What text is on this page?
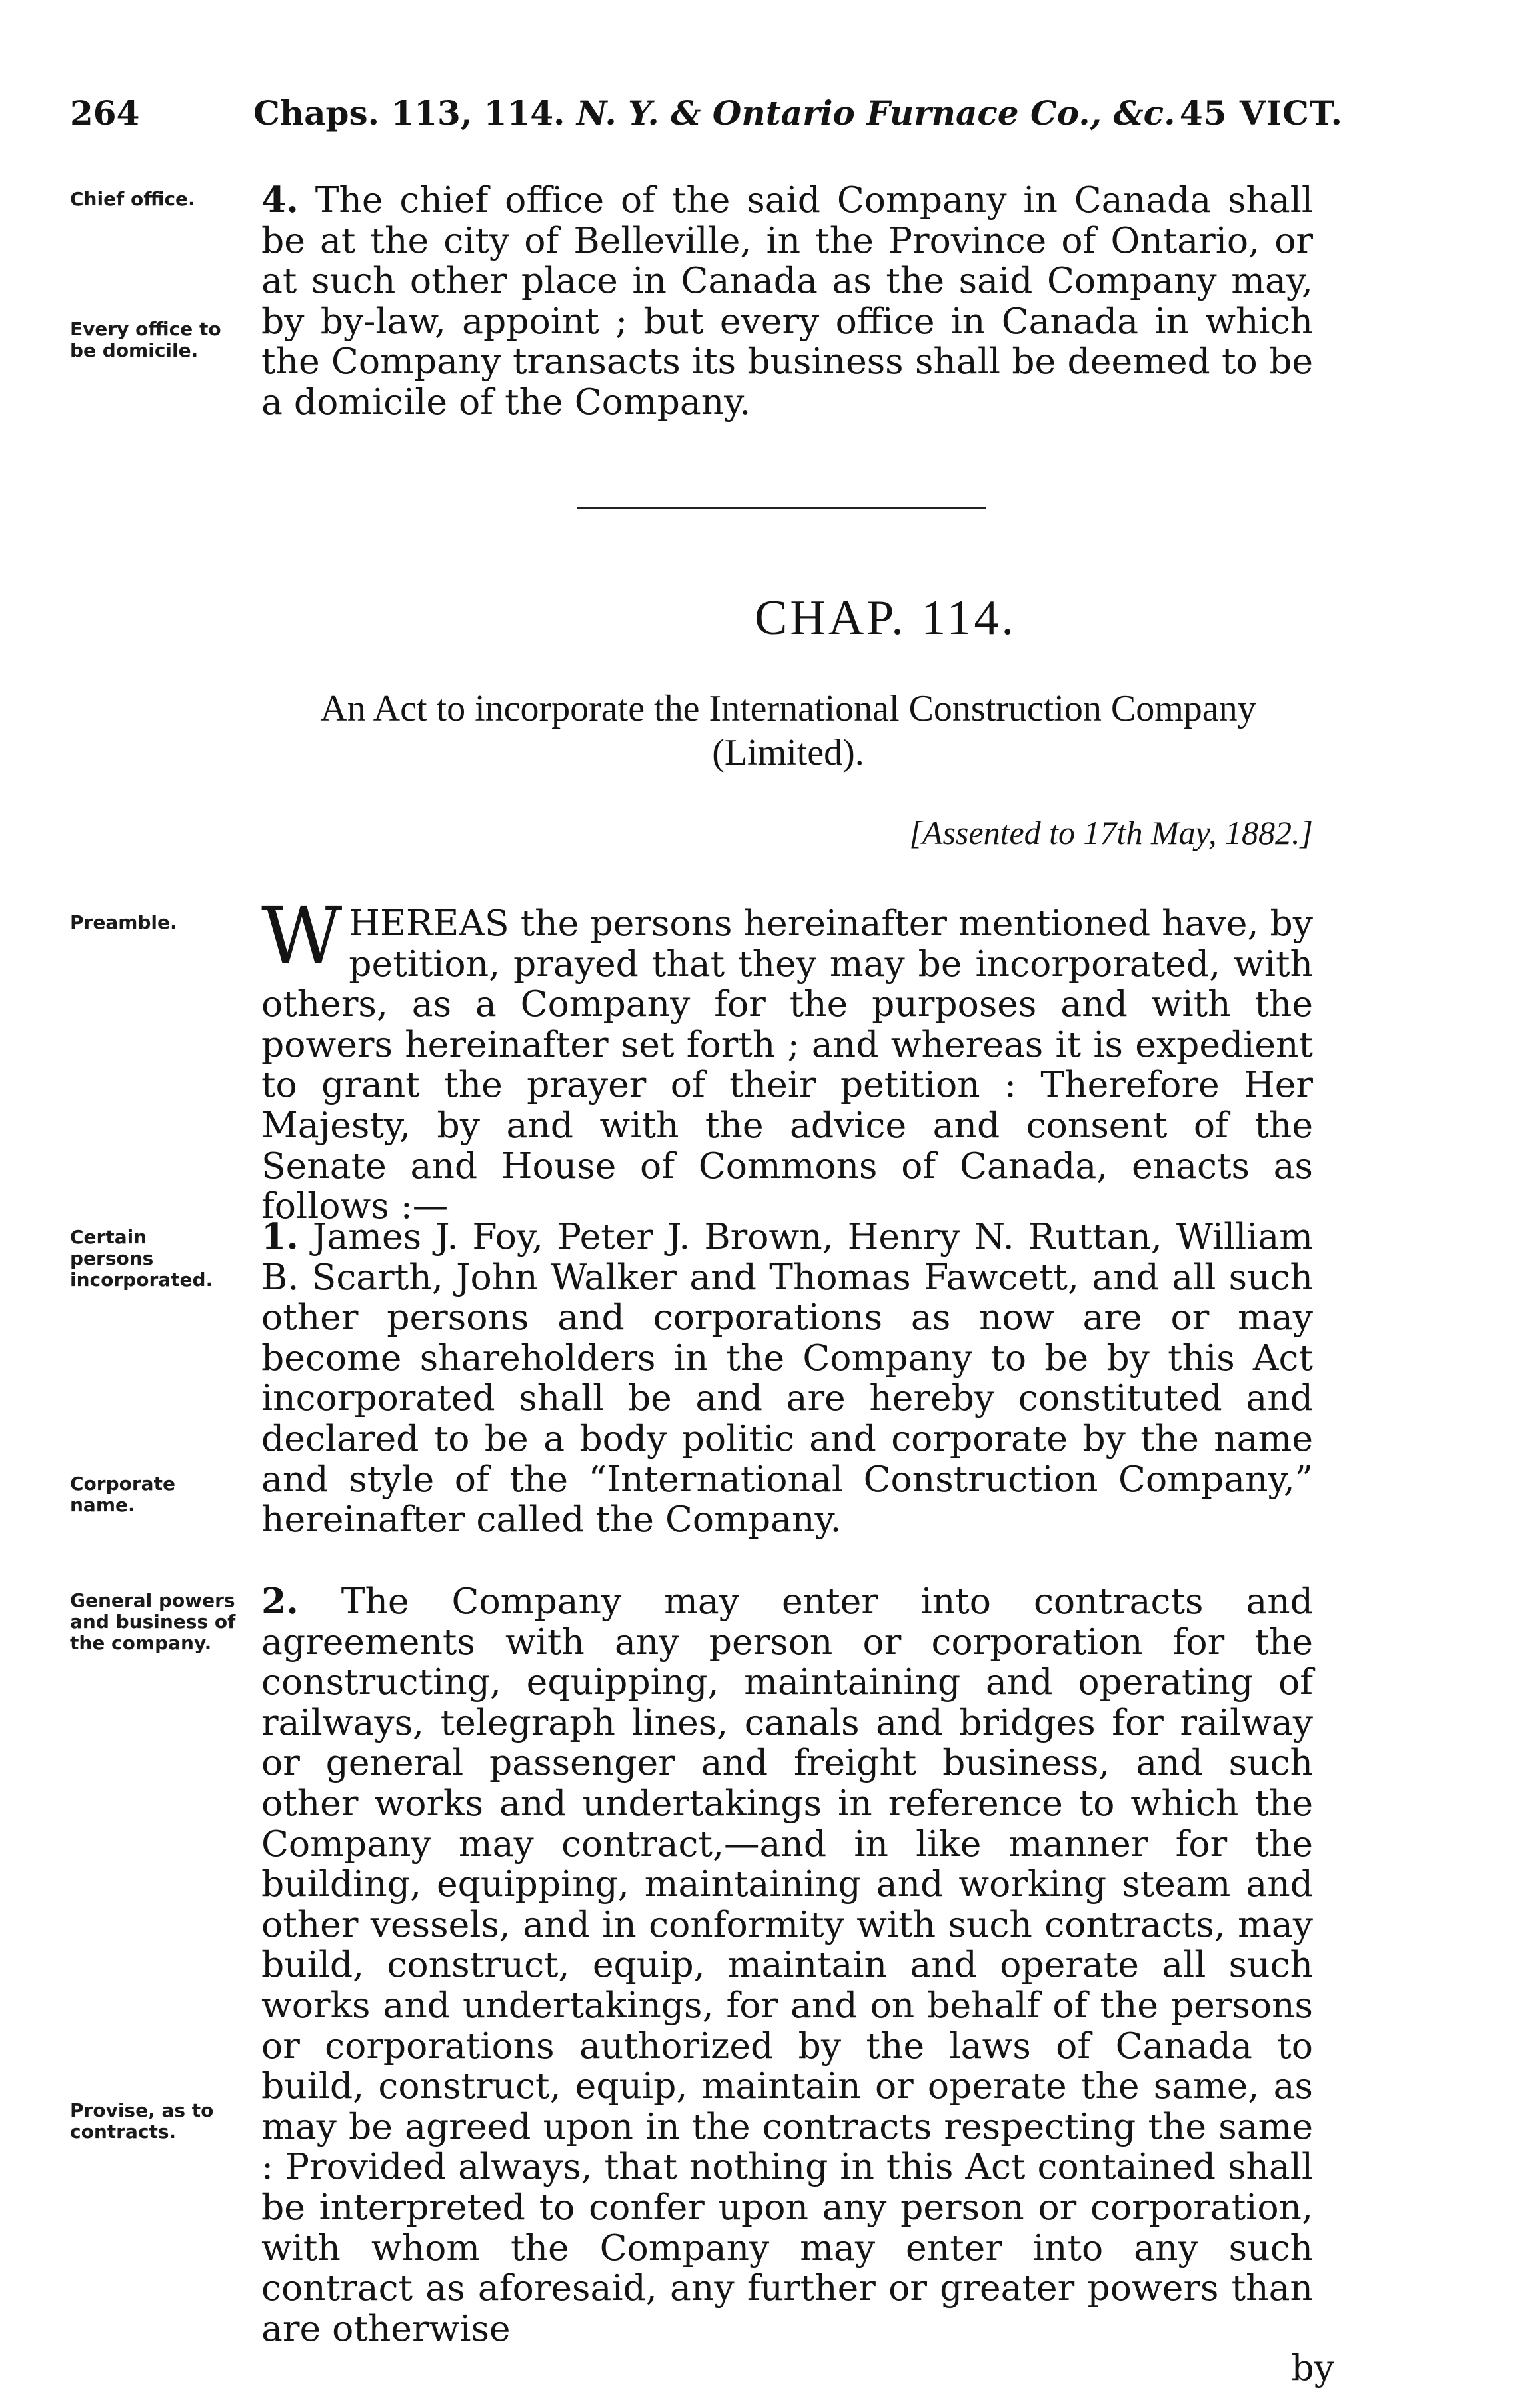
264	Chaps. 113, 114. N. Y. & Ontario Furnace Co., &c. 45 VICT.
Chief office.
Every office to be domicile.
4. The chief office of the said Company in Canada shall be at the city of Belleville, in the Province of Ontario, or at such other place in Canada as the said Company may, by by-law, appoint ; but every office in Canada in which the Company transacts its business shall be deemed to be a domicile of the Company.
CHAP. 114.
An Act to incorporate the International Construction Company (Limited).
[Assented to 17th May, 1882.]
Preamble.	WHEREAS the persons hereinafter mentioned have, by petition, prayed that they may be incorporated, with others, as a Company for the purposes and with the powers hereinafter set forth ; and whereas it is expedient to grant the prayer of their petition : Therefore Her Majesty, by and with the advice and consent of the Senate and House of Commons of Canada, enacts as follows :—
Certain persons incorporated.
Corporate name.
1. James J. Foy, Peter J. Brown, Henry N. Ruttan, William B. Scarth, John Walker and Thomas Fawcett, and all such other persons and corporations as now are or may become shareholders in the Company to be by this Act incorporated shall be and are hereby constituted and declared to be a body politic and corporate by the name and style of the “International Construction Company,” hereinafter called the Company.
General powers and business of the company.
Provise, as to contracts.
2. The Company may enter into contracts and agreements with any person or corporation for the constructing, equipping, maintaining and operating of railways, telegraph lines, canals and bridges for railway or general passenger and freight business, and such other works and undertakings in reference to which the Company may contract,—and in like manner for the building, equipping, maintaining and working steam and other vessels, and in conformity with such contracts, may build, construct, equip, maintain and operate all such works and undertakings, for and on behalf of the persons or corporations authorized by the laws of Canada to build, construct, equip, maintain or operate the same, as may be agreed upon in the contracts respecting the same : Provided always, that nothing in this Act contained shall be interpreted to confer upon any person or corporation, with whom the Company may enter into any such contract as aforesaid, any further or greater powers than are otherwise
by
